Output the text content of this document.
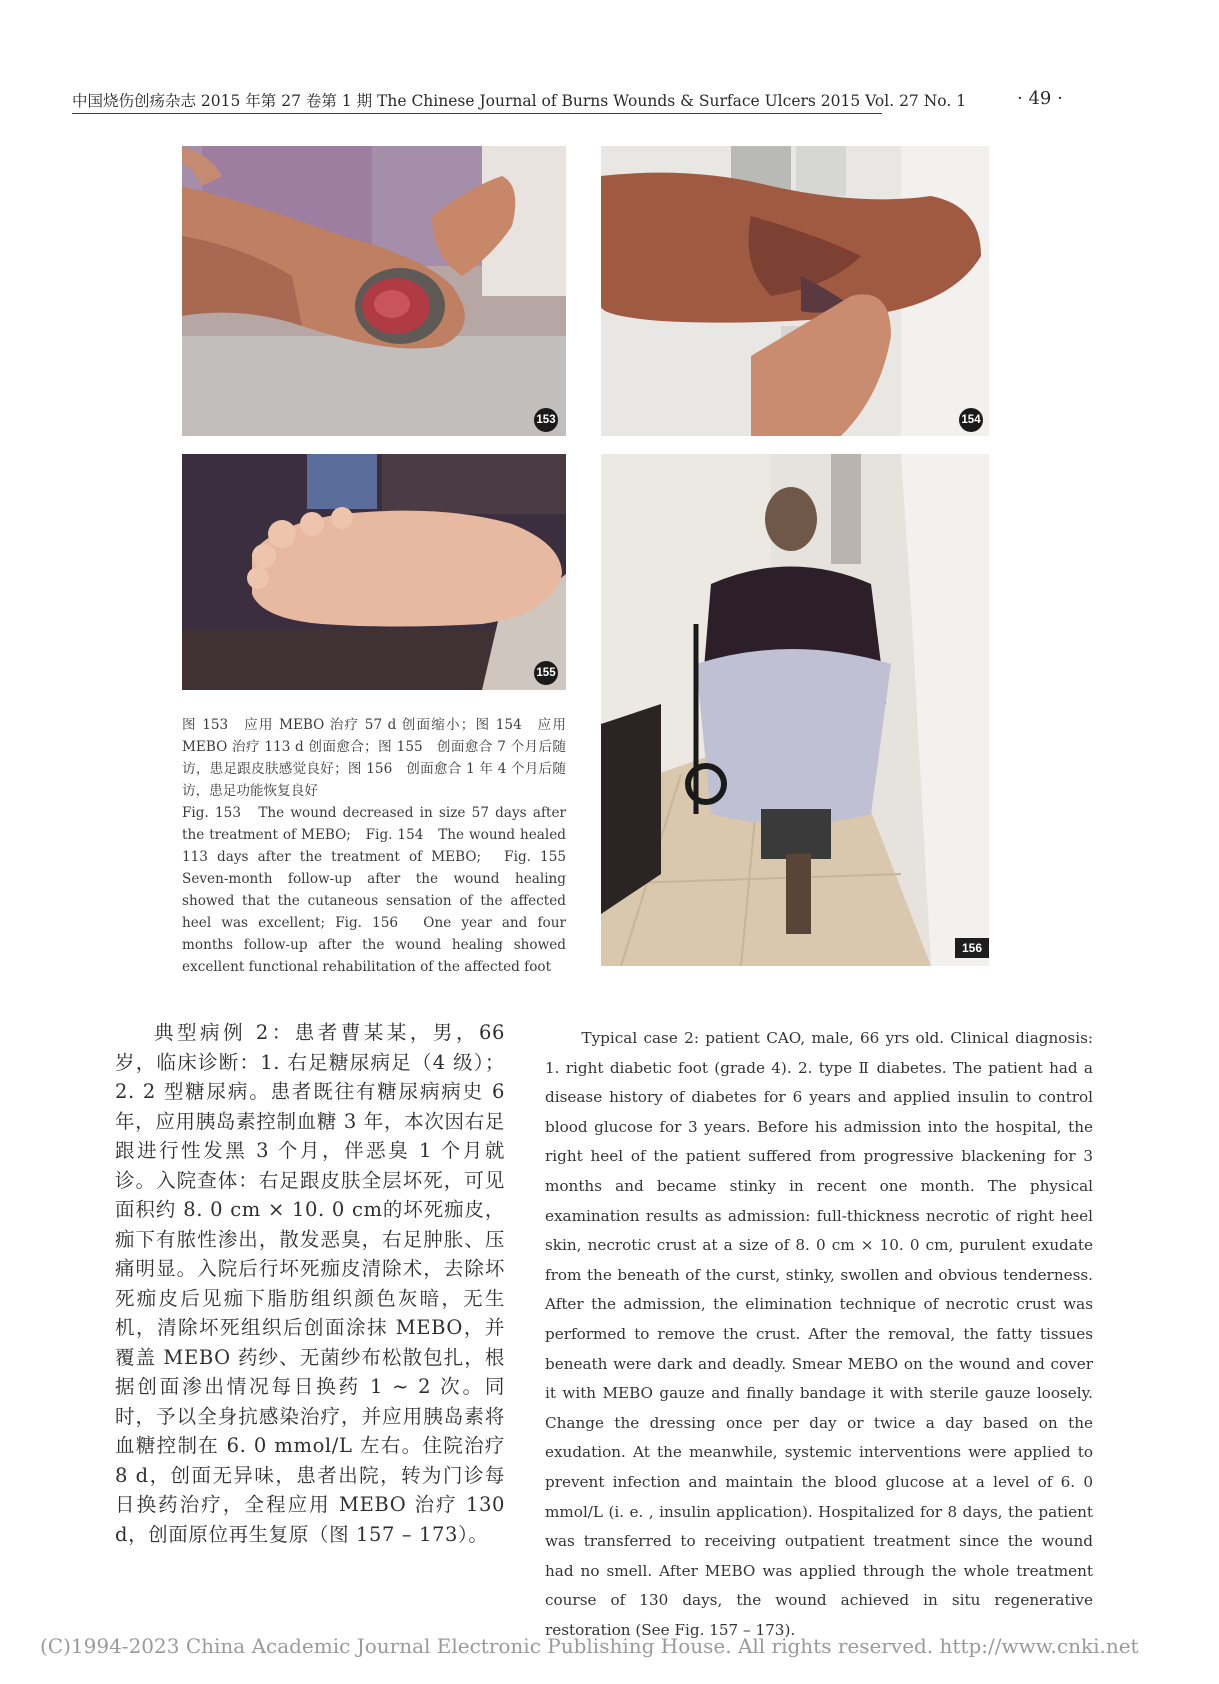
中国烧伤创疡杂志 2015 年第 27 卷第 1 期 The Chinese Journal of Burns Wounds & Surface Ulcers 2015 Vol. 27 No. 1	· 49 ·
153	154
155
156

图 153　应用 MEBO 治疗 57 d 创面缩小；图 154　应用 MEBO 治疗 113 d 创面愈合；图 155　创面愈合 7 个月后随访，患足跟皮肤感觉良好；图 156　创面愈合 1 年 4 个月后随访，患足功能恢复良好

Fig. 153　The wound decreased in size 57 days after the treatment of MEBO;　Fig. 154　The wound healed 113 days after the treatment of MEBO;　Fig. 155　Seven-month follow-up after the wound healing showed that the cutaneous sensation of the affected heel was excellent; Fig. 156　One year and four months follow-up after the wound healing showed excellent functional rehabilitation of the affected foot

典型病例 2：患者曹某某，男，66 岁，临床诊断：1. 右足糖尿病足（4 级）；2. 2 型糖尿病。患者既往有糖尿病病史 6 年，应用胰岛素控制血糖 3 年，本次因右足跟进行性发黑 3 个月，伴恶臭 1 个月就诊。入院查体：右足跟皮肤全层坏死，可见面积约 8. 0 cm × 10. 0 cm的坏死痂皮，痂下有脓性渗出，散发恶臭，右足肿胀、压痛明显。入院后行坏死痂皮清除术，去除坏死痂皮后见痂下脂肪组织颜色灰暗，无生机，清除坏死组织后创面涂抹 MEBO，并覆盖 MEBO 药纱、无菌纱布松散包扎，根据创面渗出情况每日换药 1 ~ 2 次。同时，予以全身抗感染治疗，并应用胰岛素将血糖控制在 6. 0 mmol/L 左右。住院治疗 8 d，创面无异味，患者出院，转为门诊每日换药治疗，全程应用 MEBO 治疗 130 d，创面原位再生复原（图 157 – 173）。
Typical case 2: patient CAO, male, 66 yrs old. Clinical diagnosis: 1. right diabetic foot (grade 4). 2. type Ⅱ diabetes. The patient had a disease history of diabetes for 6 years and applied insulin to control blood glucose for 3 years. Before his admission into the hospital, the right heel of the patient suffered from progressive blackening for 3 months and became stinky in recent one month. The physical examination results as admission: full-thickness necrotic of right heel skin, necrotic crust at a size of 8. 0 cm × 10. 0 cm, purulent exudate from the beneath of the curst, stinky, swollen and obvious tenderness. After the admission, the elimination technique of necrotic crust was performed to remove the crust. After the removal, the fatty tissues beneath were dark and deadly. Smear MEBO on the wound and cover it with MEBO gauze and finally bandage it with sterile gauze loosely. Change the dressing once per day or twice a day based on the exudation. At the meanwhile, systemic interventions were applied to prevent infection and maintain the blood glucose at a level of 6. 0 mmol/L (i. e. , insulin application). Hospitalized for 8 days, the patient was transferred to receiving outpatient treatment since the wound had no smell. After MEBO was applied through the whole treatment course of 130 days, the wound achieved in situ regenerative restoration (See Fig. 157 – 173).
(C)1994-2023 China Academic Journal Electronic Publishing House. All rights reserved. http://www.cnki.net
